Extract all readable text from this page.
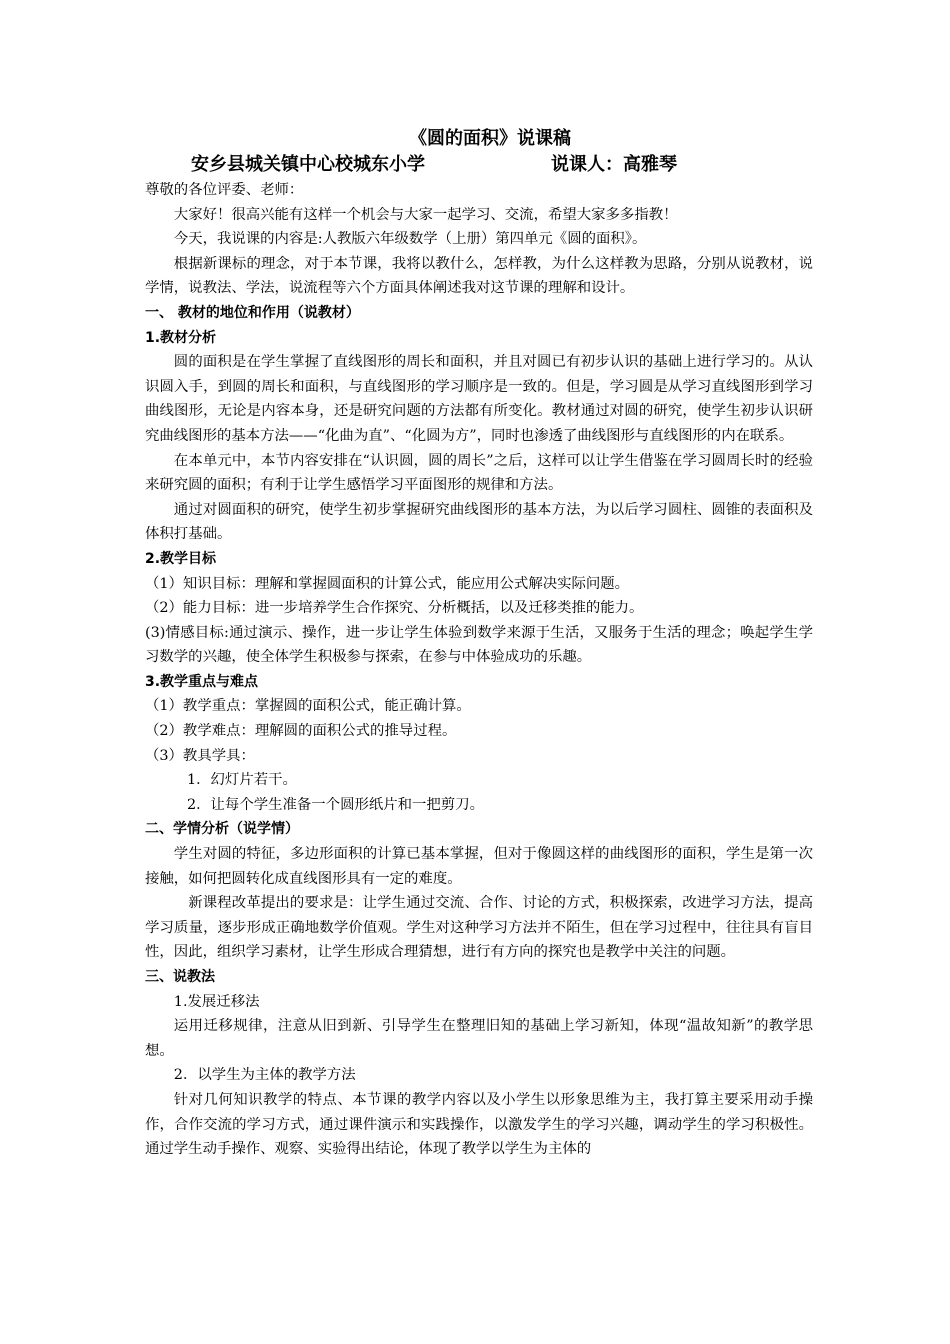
《圆的面积》说课稿

安乡县城关镇中心校城东小学	说课人：高雅琴

尊敬的各位评委、老师：

大家好！很高兴能有这样一个机会与大家一起学习、交流，希望大家多多指教！

今天，我说课的内容是:人教版六年级数学（上册）第四单元《圆的面积》。

根据新课标的理念，对于本节课，我将以教什么，怎样教，为什么这样教为思路，分别从说教材，说学情，说教法、学法，说流程等六个方面具体阐述我对这节课的理解和设计。

一、 教材的地位和作用（说教材）

1.教材分析

圆的面积是在学生掌握了直线图形的周长和面积，并且对圆已有初步认识的基础上进行学习的。从认识圆入手，到圆的周长和面积，与直线图形的学习顺序是一致的。但是，学习圆是从学习直线图形到学习曲线图形，无论是内容本身，还是研究问题的方法都有所变化。教材通过对圆的研究，使学生初步认识研究曲线图形的基本方法——“化曲为直”、“化圆为方”，同时也渗透了曲线图形与直线图形的内在联系。

在本单元中，本节内容安排在“认识圆，圆的周长”之后，这样可以让学生借鉴在学习圆周长时的经验来研究圆的面积；有利于让学生感悟学习平面图形的规律和方法。

通过对圆面积的研究，使学生初步掌握研究曲线图形的基本方法，为以后学习圆柱、圆锥的表面积及体积打基础。

2.教学目标

（1）知识目标：理解和掌握圆面积的计算公式，能应用公式解决实际问题。

（2）能力目标：进一步培养学生合作探究、分析概括，以及迁移类推的能力。

(3)情感目标:通过演示、操作，进一步让学生体验到数学来源于生活，又服务于生活的理念；唤起学生学习数学的兴趣，使全体学生积极参与探索，在参与中体验成功的乐趣。

3.教学重点与难点

（1）教学重点：掌握圆的面积公式，能正确计算。

（2）教学难点：理解圆的面积公式的推导过程。

（3）教具学具：

1．幻灯片若干。

2．让每个学生准备一个圆形纸片和一把剪刀。

二、学情分析（说学情）

学生对圆的特征，多边形面积的计算已基本掌握，但对于像圆这样的曲线图形的面积，学生是第一次接触，如何把圆转化成直线图形具有一定的难度。

新课程改革提出的要求是：让学生通过交流、合作、讨论的方式，积极探索，改进学习方法，提高学习质量，逐步形成正确地数学价值观。学生对这种学习方法并不陌生，但在学习过程中，往往具有盲目性，因此，组织学习素材，让学生形成合理猜想，进行有方向的探究也是教学中关注的问题。

三、说教法

1.发展迁移法

运用迁移规律，注意从旧到新、引导学生在整理旧知的基础上学习新知，体现“温故知新”的教学思想。

2．以学生为主体的教学方法

针对几何知识教学的特点、本节课的教学内容以及小学生以形象思维为主，我打算主要采用动手操作，合作交流的学习方式，通过课件演示和实践操作，以激发学生的学习兴趣，调动学生的学习积极性。通过学生动手操作、观察、实验得出结论，体现了教学以学生为主体的
